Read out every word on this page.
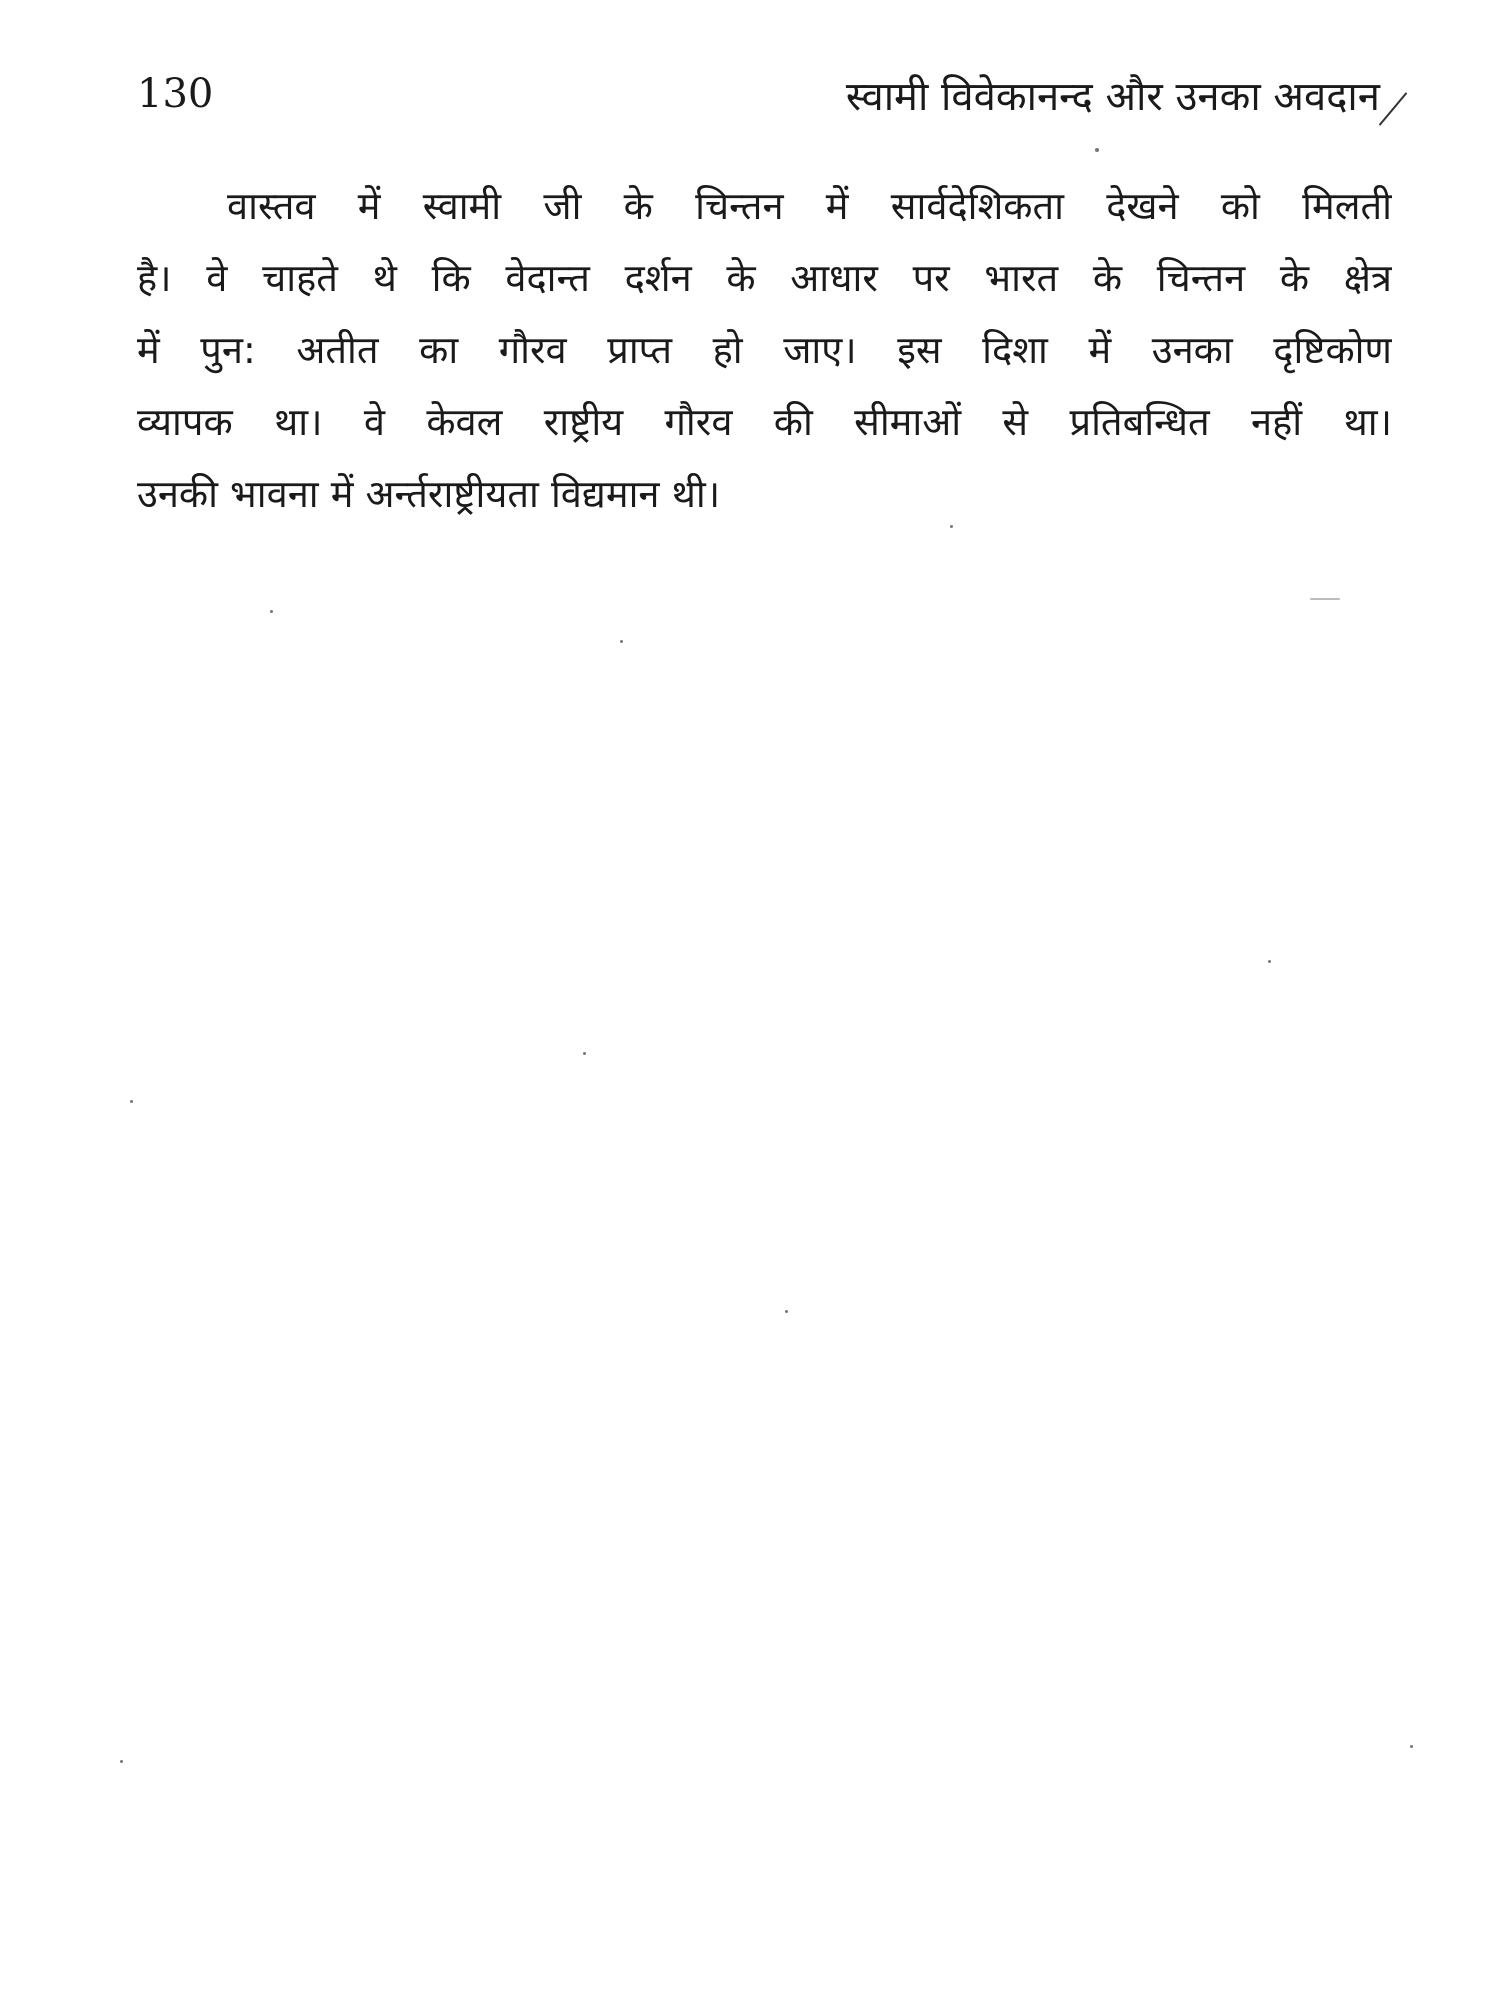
130	स्वामी विवेकानन्द और उनका अवदान
वास्तव में स्वामी जी के चिन्तन में सार्वदेशिकता देखने को मिलती
है। वे चाहते थे कि वेदान्त दर्शन के आधार पर भारत के चिन्तन के क्षेत्र
में पुन: अतीत का गौरव प्राप्त हो जाए। इस दिशा में उनका दृष्टिकोण
व्यापक था। वे केवल राष्ट्रीय गौरव की सीमाओं से प्रतिबन्धित नहीं था।
उनकी भावना में अर्न्तराष्ट्रीयता विद्यमान थी।
